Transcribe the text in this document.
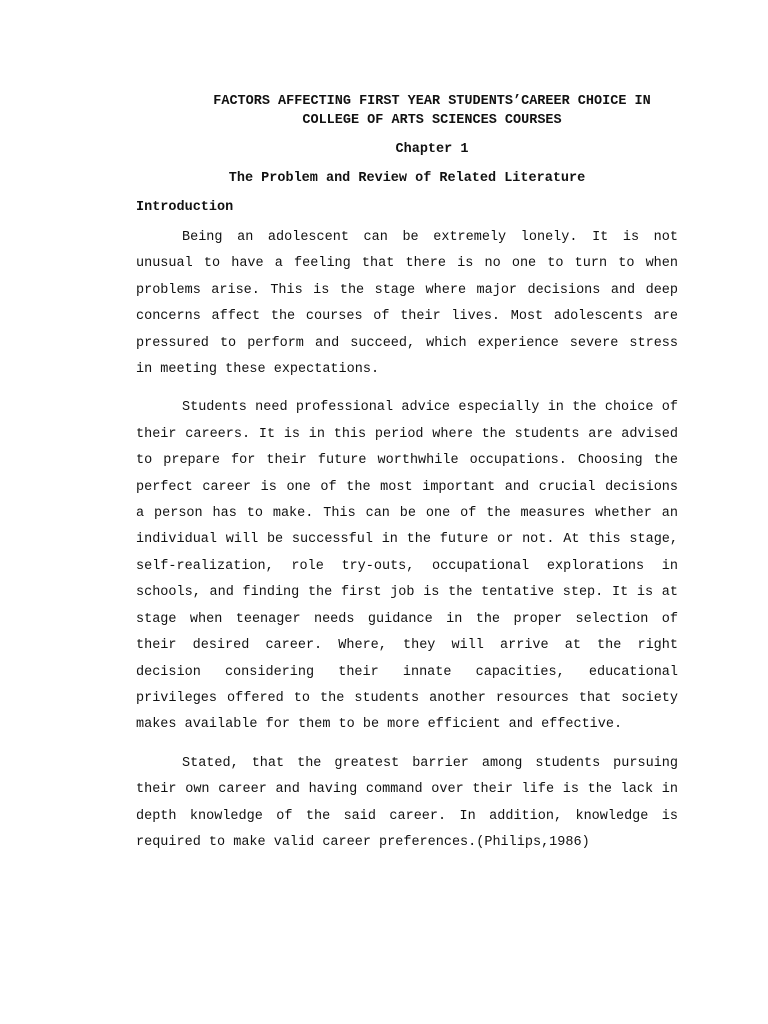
FACTORS AFFECTING FIRST YEAR STUDENTS’CAREER CHOICE IN
COLLEGE OF ARTS SCIENCES COURSES
Chapter 1
The Problem and Review of Related Literature
Introduction

Being an adolescent can be extremely lonely. It is not unusual to have a feeling that there is no one to turn to when problems arise. This is the stage where major decisions and deep concerns affect the courses of their lives. Most adolescents are pressured to perform and succeed, which experience severe stress in meeting these expectations.

Students need professional advice especially in the choice of their careers. It is in this period where the students are advised to prepare for their future worthwhile occupations. Choosing the perfect career is one of the most important and crucial decisions a person has to make. This can be one of the measures whether an individual will be successful in the future or not. At this stage, self-realization, role try-outs, occupational explorations in schools, and finding the first job is the tentative step. It is at stage when teenager needs guidance in the proper selection of their desired career. Where, they will arrive at the right decision considering their innate capacities, educational privileges offered to the students another resources that society makes available for them to be more efficient and effective.

Stated, that the greatest barrier among students pursuing their own career and having command over their life is the lack in depth knowledge of the said career. In addition, knowledge is required to make valid career preferences.(Philips,1986)
